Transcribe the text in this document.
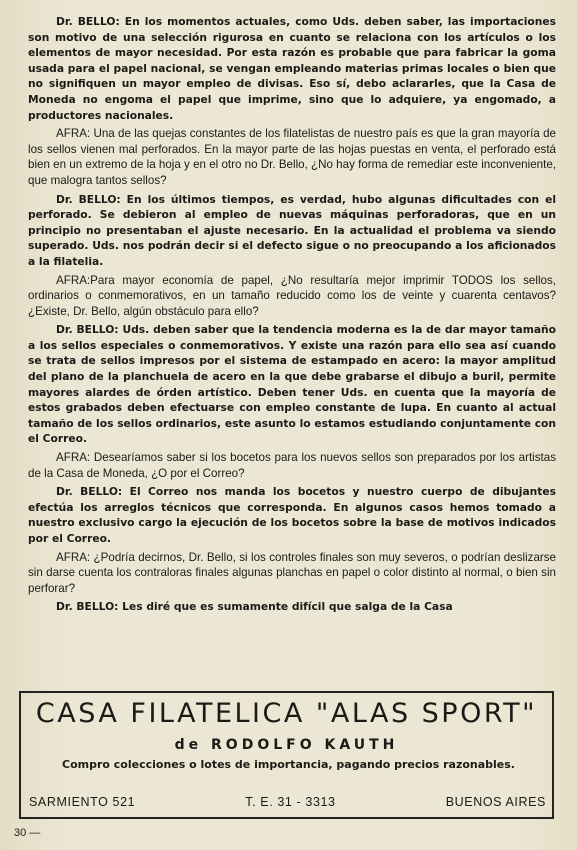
Dr. BELLO: En los momentos actuales, como Uds. deben saber, las importaciones son motivo de una selección rigurosa en cuanto se relaciona con los artículos o los elementos de mayor necesidad. Por esta razón es probable que para fabricar la goma usada para el papel nacional, se vengan empleando materias primas locales o bien que no signifiquen un mayor empleo de divisas. Eso sí, debo aclararles, que la Casa de Moneda no engoma el papel que imprime, sino que lo adquiere, ya engomado, a productores nacionales.

AFRA: Una de las quejas constantes de los filatelistas de nuestro país es que la gran mayoría de los sellos vienen mal perforados. En la mayor parte de las hojas puestas en venta, el perforado está bien en un extremo de la hoja y en el otro no Dr. Bello, ¿No hay forma de remediar este inconveniente, que malogra tantos sellos?

Dr. BELLO: En los últimos tiempos, es verdad, hubo algunas dificultades con el perforado. Se debieron al empleo de nuevas máquinas perforadoras, que en un principio no presentaban el ajuste necesario. En la actualidad el problema va siendo superado. Uds. nos podrán decir si el defecto sigue o no preocupando a los aficionados a la filatelia.

AFRA:Para mayor economía de papel, ¿No resultaría mejor imprimir TODOS los sellos, ordinarios o conmemorativos, en un tamaño reducido como los de veinte y cuarenta centavos? ¿Existe, Dr. Bello, algún obstáculo para ello?

Dr. BELLO: Uds. deben saber que la tendencia moderna es la de dar mayor tamaño a los sellos especiales o conmemorativos. Y existe una razón para ello sea así cuando se trata de sellos impresos por el sistema de estampado en acero: la mayor amplitud del plano de la planchuela de acero en la que debe grabarse el dibujo a buril, permite mayores alardes de órden artístico. Deben tener Uds. en cuenta que la mayoría de estos grabados deben efectuarse con empleo constante de lupa. En cuanto al actual tamaño de los sellos ordinarios, este asunto lo estamos estudiando conjuntamente con el Correo.

AFRA: Desearíamos saber si los bocetos para los nuevos sellos son preparados por los artistas de la Casa de Moneda, ¿O por el Correo?

Dr. BELLO: El Correo nos manda los bocetos y nuestro cuerpo de dibujantes efectúa los arreglos técnicos que corresponda. En algunos casos hemos tomado a nuestro exclusivo cargo la ejecución de los bocetos sobre la base de motivos indicados por el Correo.

AFRA: ¿Podría decirnos, Dr. Bello, si los controles finales son muy severos, o podrían deslizarse sin darse cuenta los contraloras finales algunas planchas en papel o color distinto al normal, o bien sin perforar?

Dr. BELLO: Les diré que es sumamente difícil que salga de la Casa

CASA FILATELICA "ALAS SPORT"
de RODOLFO KAUTH
Compro colecciones o lotes de importancia, pagando precios razonables.
SARMIENTO 521	T. E. 31 - 3313	BUENOS AIRES
30 —
